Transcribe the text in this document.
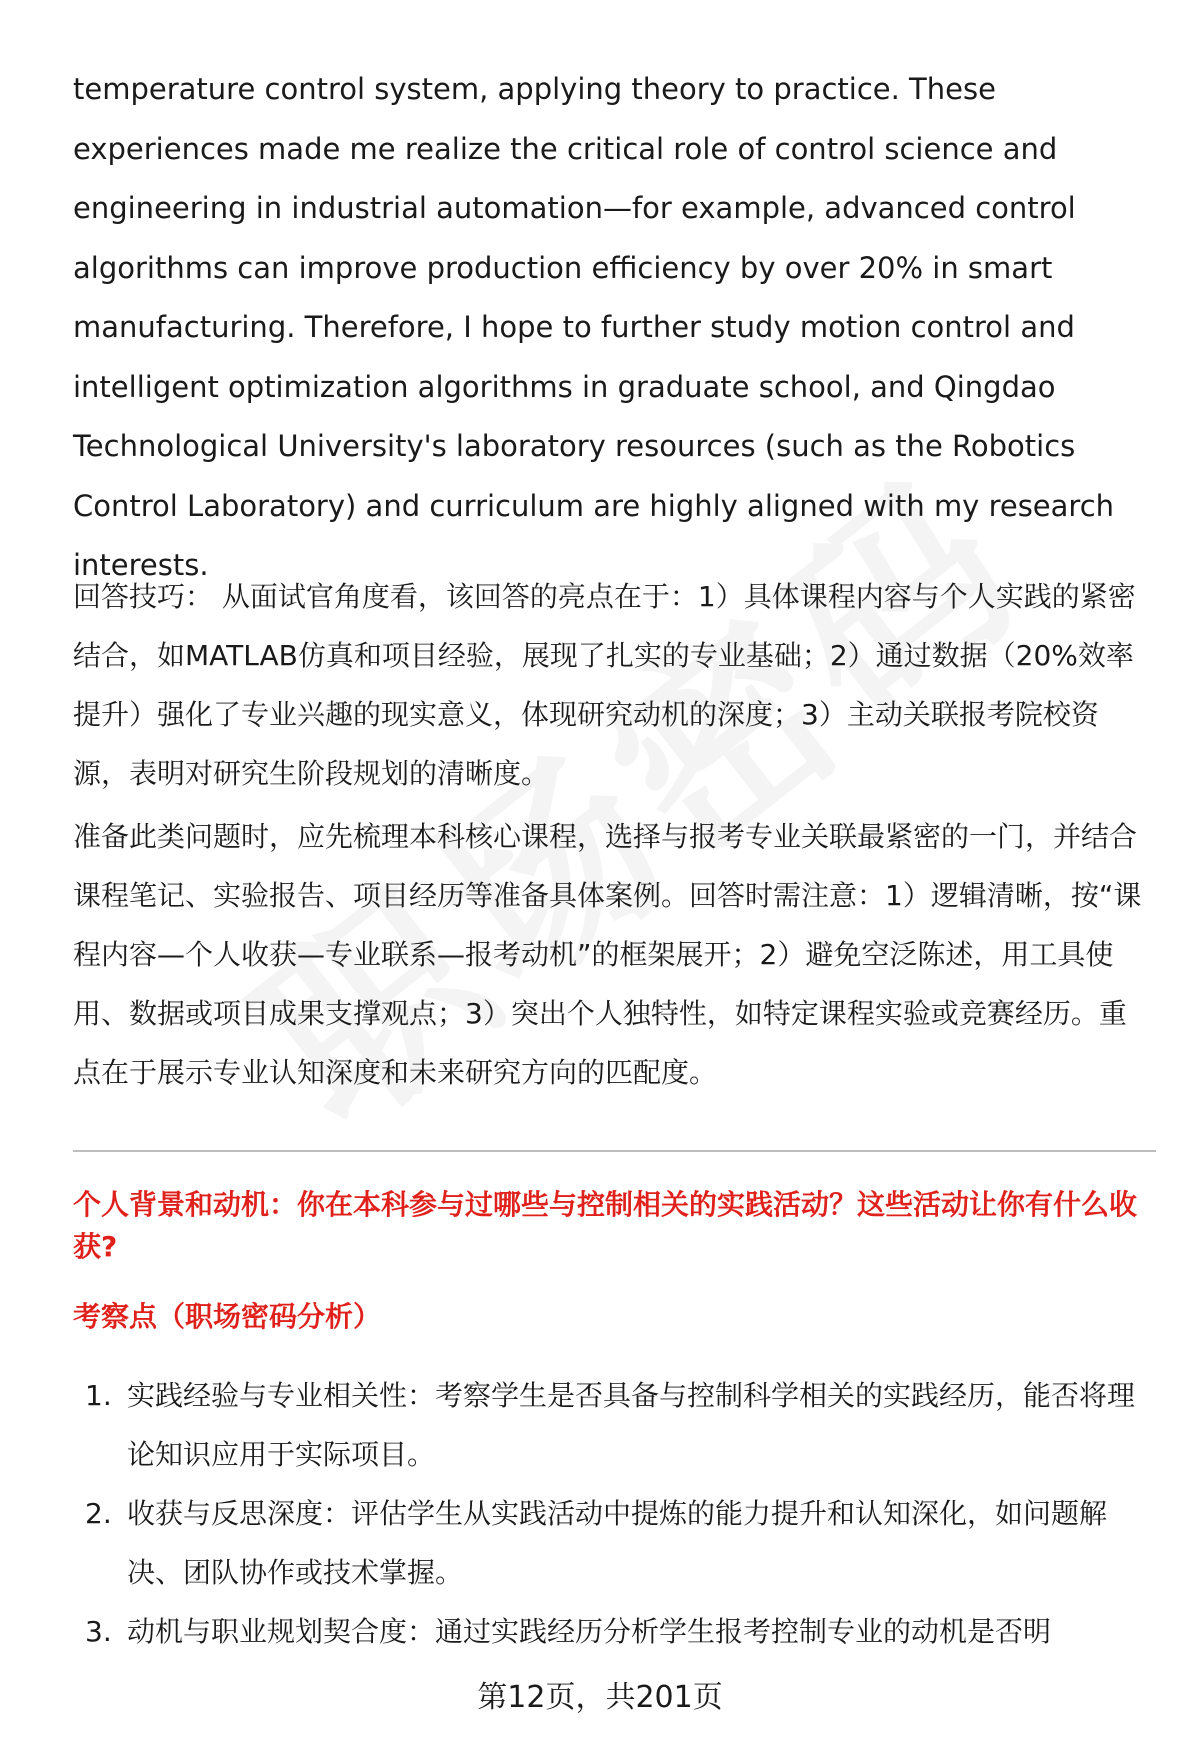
temperature control system, applying theory to practice. These experiences made me realize the critical role of control science and engineering in industrial automation—for example, advanced control algorithms can improve production efficiency by over 20% in smart manufacturing. Therefore, I hope to further study motion control and intelligent optimization algorithms in graduate school, and Qingdao Technological University's laboratory resources (such as the Robotics Control Laboratory) and curriculum are highly aligned with my research interests.

回答技巧： 从面试官角度看，该回答的亮点在于：1）具体课程内容与个人实践的紧密结合，如MATLAB仿真和项目经验，展现了扎实的专业基础；2）通过数据（20%效率提升）强化了专业兴趣的现实意义，体现研究动机的深度；3）主动关联报考院校资源，表明对研究生阶段规划的清晰度。

准备此类问题时，应先梳理本科核心课程，选择与报考专业关联最紧密的一门，并结合课程笔记、实验报告、项目经历等准备具体案例。回答时需注意：1）逻辑清晰，按“课程内容—个人收获—专业联系—报考动机”的框架展开；2）避免空泛陈述，用工具使用、数据或项目成果支撑观点；3）突出个人独特性，如特定课程实验或竞赛经历。重点在于展示专业认知深度和未来研究方向的匹配度。

个人背景和动机：你在本科参与过哪些与控制相关的实践活动？这些活动让你有什么收获?

考察点（职场密码分析）

1. 实践经验与专业相关性：考察学生是否具备与控制科学相关的实践经历，能否将理论知识应用于实际项目。
2. 收获与反思深度：评估学生从实践活动中提炼的能力提升和认知深化，如问题解决、团队协作或技术掌握。
3. 动机与职业规划契合度：通过实践经历分析学生报考控制专业的动机是否明
第12页，共201页
